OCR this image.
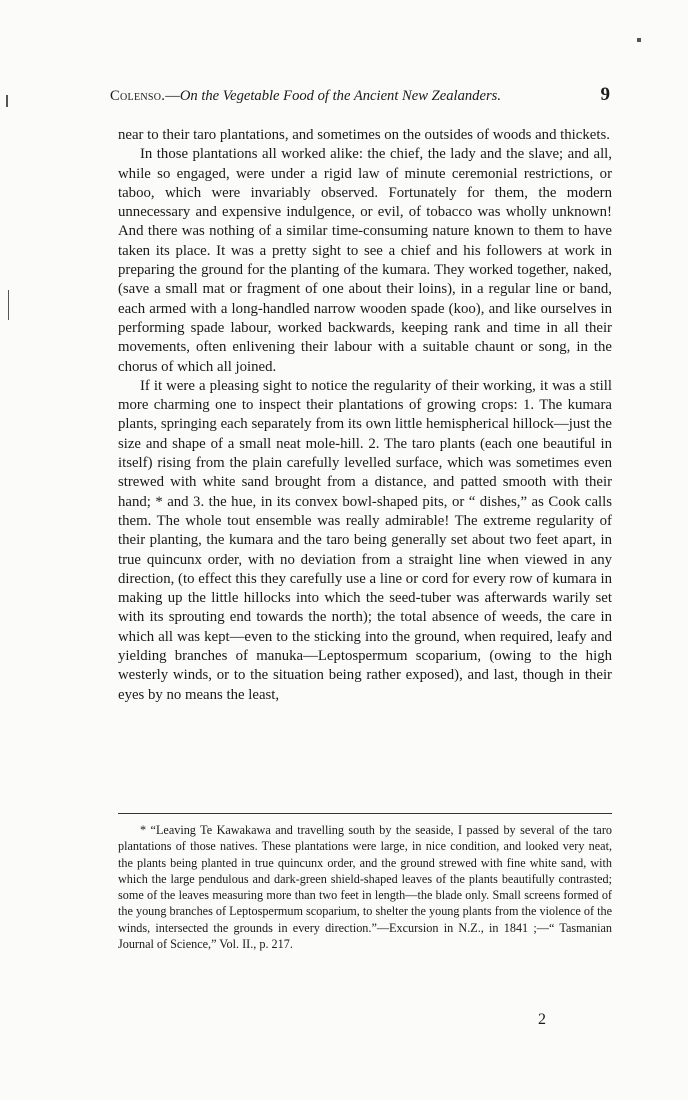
Colenso.—On the Vegetable Food of the Ancient New Zealanders.	9

near to their taro plantations, and sometimes on the outsides of woods and thickets.

In those plantations all worked alike: the chief, the lady and the slave; and all, while so engaged, were under a rigid law of minute ceremonial restrictions, or taboo, which were invariably observed. Fortunately for them, the modern unnecessary and expensive indulgence, or evil, of tobacco was wholly unknown! And there was nothing of a similar time-consuming nature known to them to have taken its place. It was a pretty sight to see a chief and his followers at work in preparing the ground for the planting of the kumara. They worked together, naked, (save a small mat or fragment of one about their loins), in a regular line or band, each armed with a long-handled narrow wooden spade (koo), and like ourselves in performing spade labour, worked backwards, keeping rank and time in all their movements, often enlivening their labour with a suitable chaunt or song, in the chorus of which all joined.

If it were a pleasing sight to notice the regularity of their working, it was a still more charming one to inspect their plantations of growing crops: 1. The kumara plants, springing each separately from its own little hemispherical hillock—just the size and shape of a small neat mole-hill. 2. The taro plants (each one beautiful in itself) rising from the plain carefully levelled surface, which was sometimes even strewed with white sand brought from a distance, and patted smooth with their hand; * and 3. the hue, in its convex bowl-shaped pits, or “ dishes,” as Cook calls them. The whole tout ensemble was really admirable! The extreme regularity of their planting, the kumara and the taro being generally set about two feet apart, in true quincunx order, with no deviation from a straight line when viewed in any direction, (to effect this they carefully use a line or cord for every row of kumara in making up the little hillocks into which the seed-tuber was afterwards warily set with its sprouting end towards the north); the total absence of weeds, the care in which all was kept—even to the sticking into the ground, when required, leafy and yielding branches of manuka—Leptospermum scoparium, (owing to the high westerly winds, or to the situation being rather exposed), and last, though in their eyes by no means the least,

* “Leaving Te Kawakawa and travelling south by the seaside, I passed by several of the taro plantations of those natives. These plantations were large, in nice condition, and looked very neat, the plants being planted in true quincunx order, and the ground strewed with fine white sand, with which the large pendulous and dark-green shield-shaped leaves of the plants beautifully contrasted; some of the leaves measuring more than two feet in length—the blade only. Small screens formed of the young branches of Leptospermum scoparium, to shelter the young plants from the violence of the winds, intersected the grounds in every direction.”—Excursion in N.Z., in 1841 ;—“ Tasmanian Journal of Science,” Vol. II., p. 217.

2
